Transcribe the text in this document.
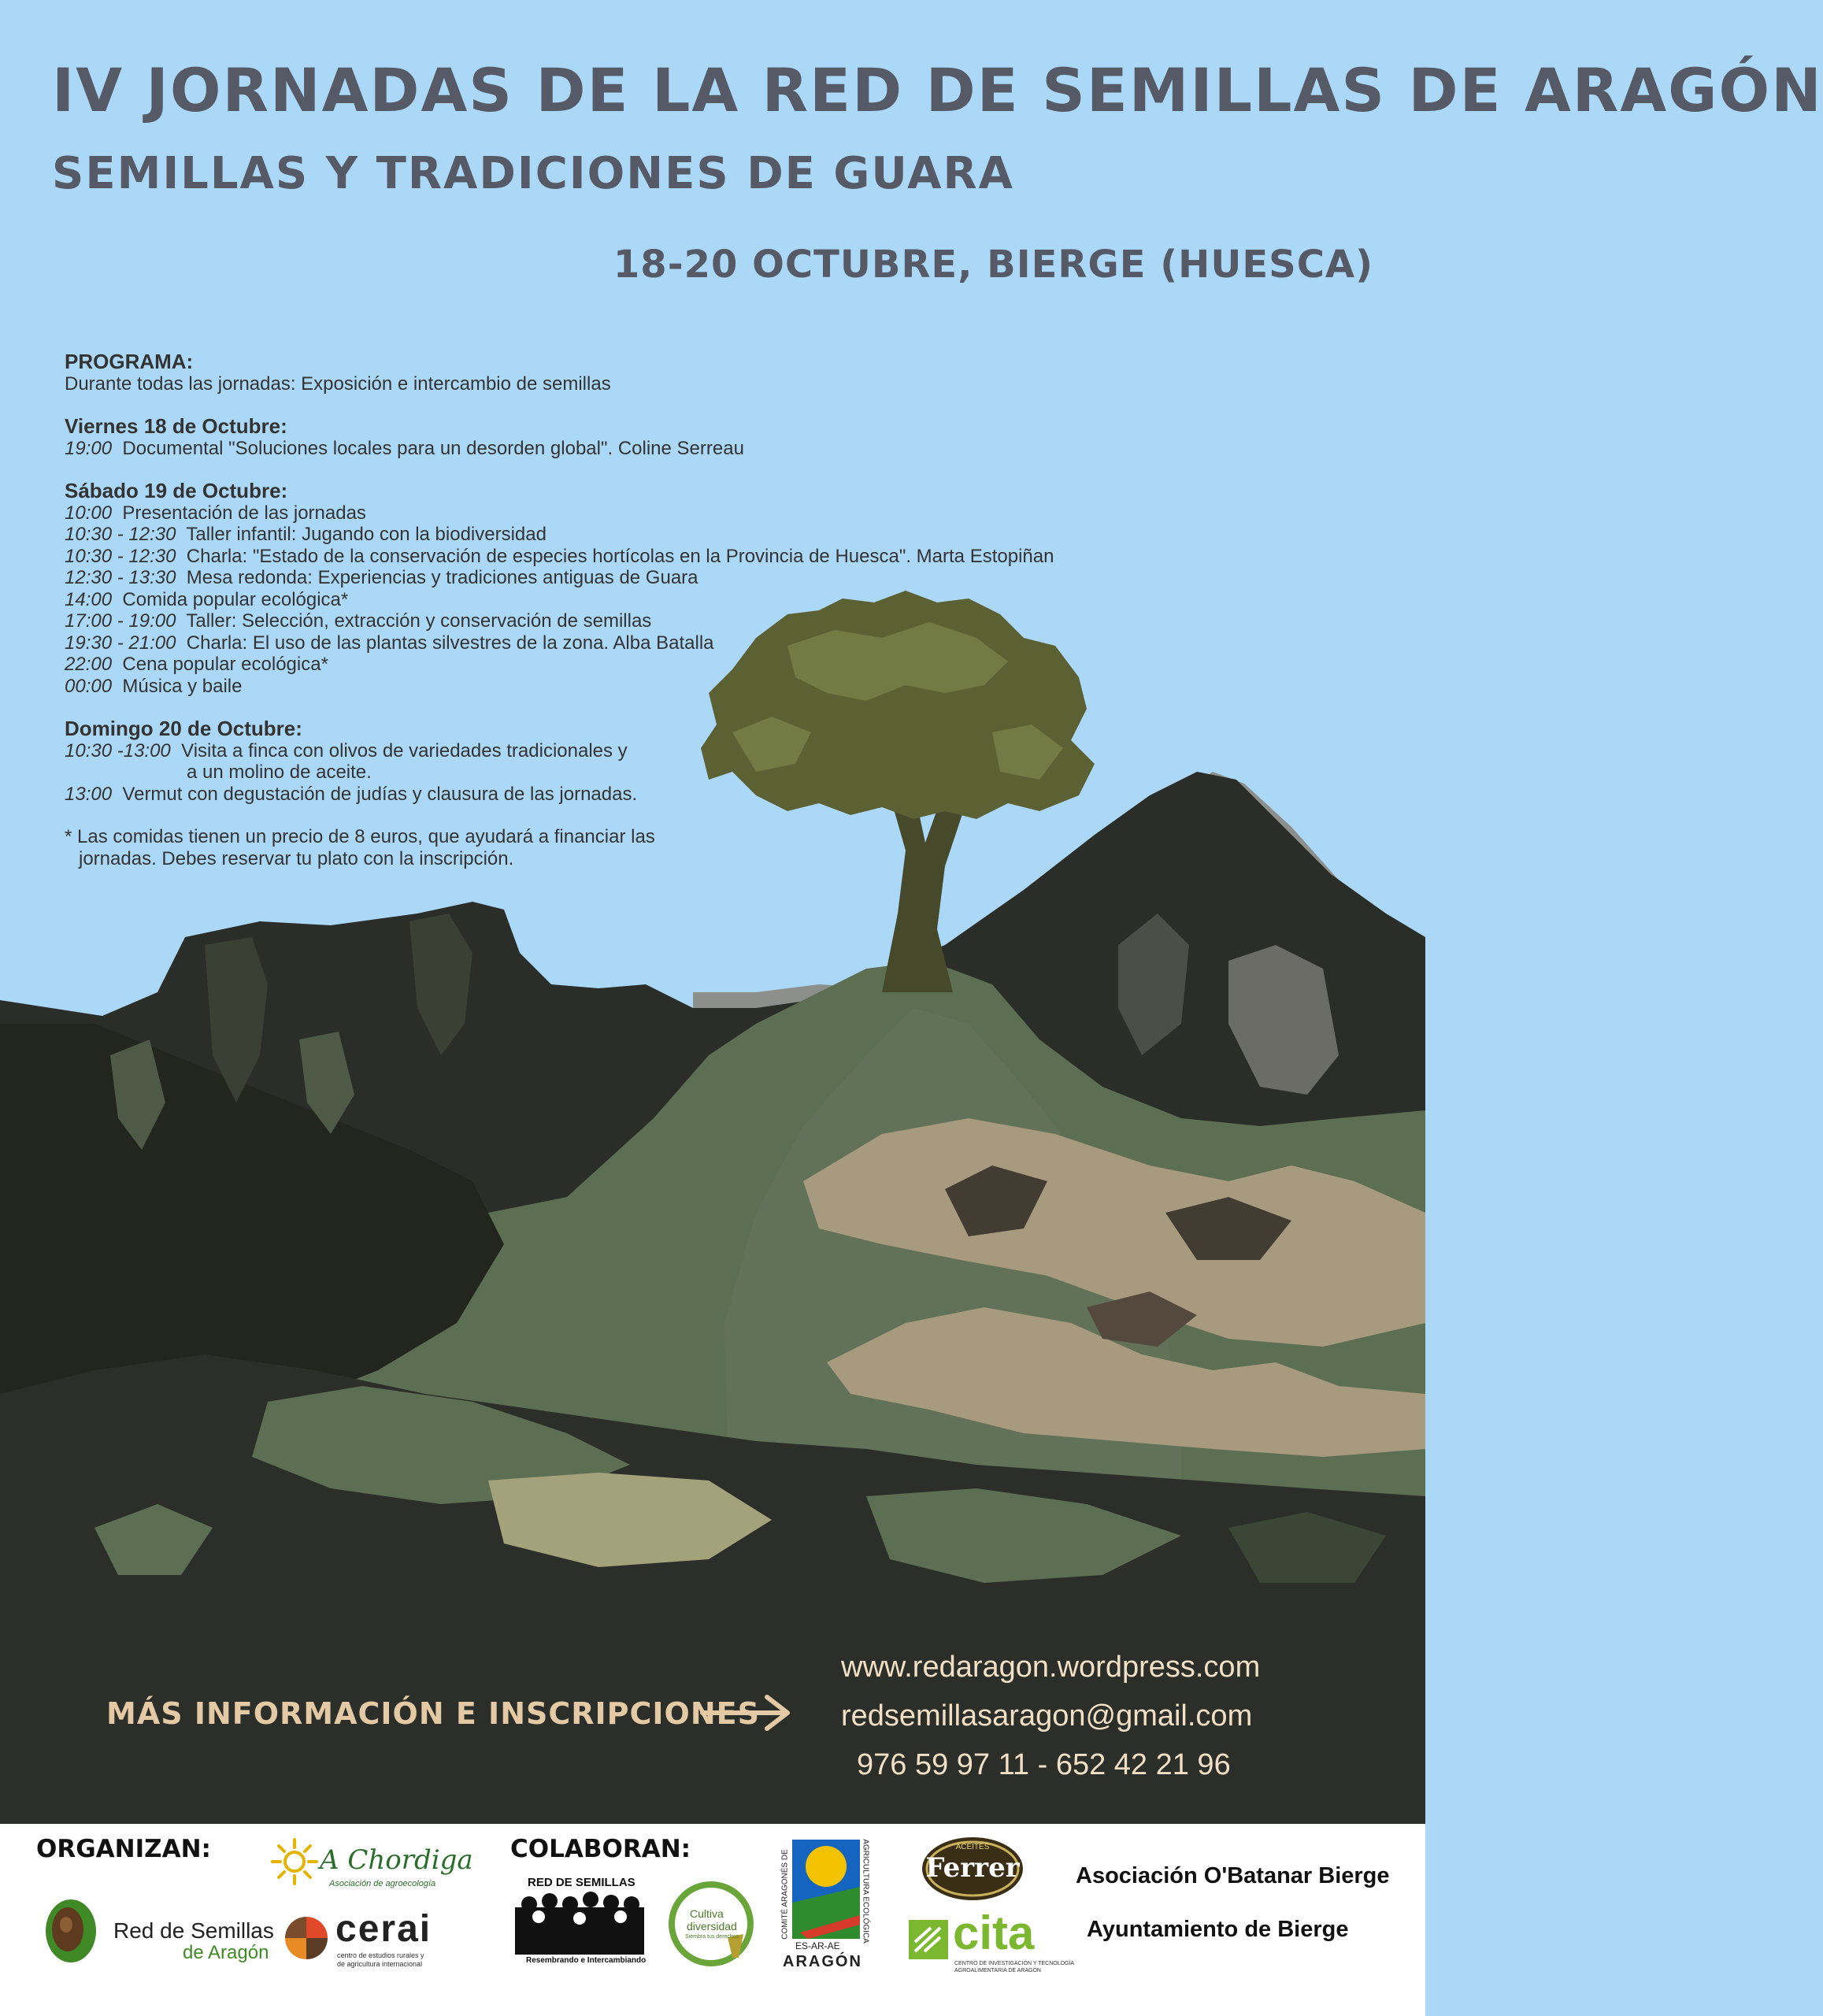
IV JORNADAS DE LA RED DE SEMILLAS DE ARAGÓN
SEMILLAS Y TRADICIONES DE GUARA
18-20 OCTUBRE, BIERGE (HUESCA)
PROGRAMA:
Durante todas las jornadas: Exposición e intercambio de semillas
Viernes 18 de Octubre:
19:00 Documental "Soluciones locales para un desorden global". Coline Serreau
Sábado 19 de Octubre:
10:00 Presentación de las jornadas
10:30 - 12:30 Taller infantil: Jugando con la biodiversidad
10:30 - 12:30 Charla: "Estado de la conservación de especies hortícolas en la Provincia de Huesca". Marta Estopiñan
12:30 - 13:30 Mesa redonda: Experiencias y tradiciones antiguas de Guara
14:00 Comida popular ecológica*
17:00 - 19:00 Taller: Selección, extracción y conservación de semillas
19:30 - 21:00 Charla: El uso de las plantas silvestres de la zona. Alba Batalla
22:00 Cena popular ecológica*
00:00 Música y baile
Domingo 20 de Octubre:
10:30 -13:00 Visita a finca con olivos de variedades tradicionales y
a un molino de aceite.
13:00 Vermut con degustación de judías y clausura de las jornadas.
* Las comidas tienen un precio de 8 euros, que ayudará a financiar las
jornadas. Debes reservar tu plato con la inscripción.
MÁS INFORMACIÓN E INSCRIPCIONES
www.redaragon.wordpress.com
redsemillasaragon@gmail.com
976 59 97 11 - 652 42 21 96
ORGANIZAN:	COLABORAN:
A Chordiga
Asociación de agroecología
Red de Semillas
de Aragón
cerai
centro de estudios rurales y
de agricultura internacional
RED DE SEMILLAS
Resembrando e Intercambiando
Cultiva
diversidad
Siembra tus derechos	COMITÉ ARAGONÉS DE	AGRICULTURA ECOLÓGICA
ES-AR-AE
ARAGÓN
ACEITES
Ferrer
cita
CENTRO DE INVESTIGACIÓN Y TECNOLOGÍA
AGROALIMENTARIA DE ARAGÓN
Asociación O'Batanar Bierge
Ayuntamiento de Bierge
